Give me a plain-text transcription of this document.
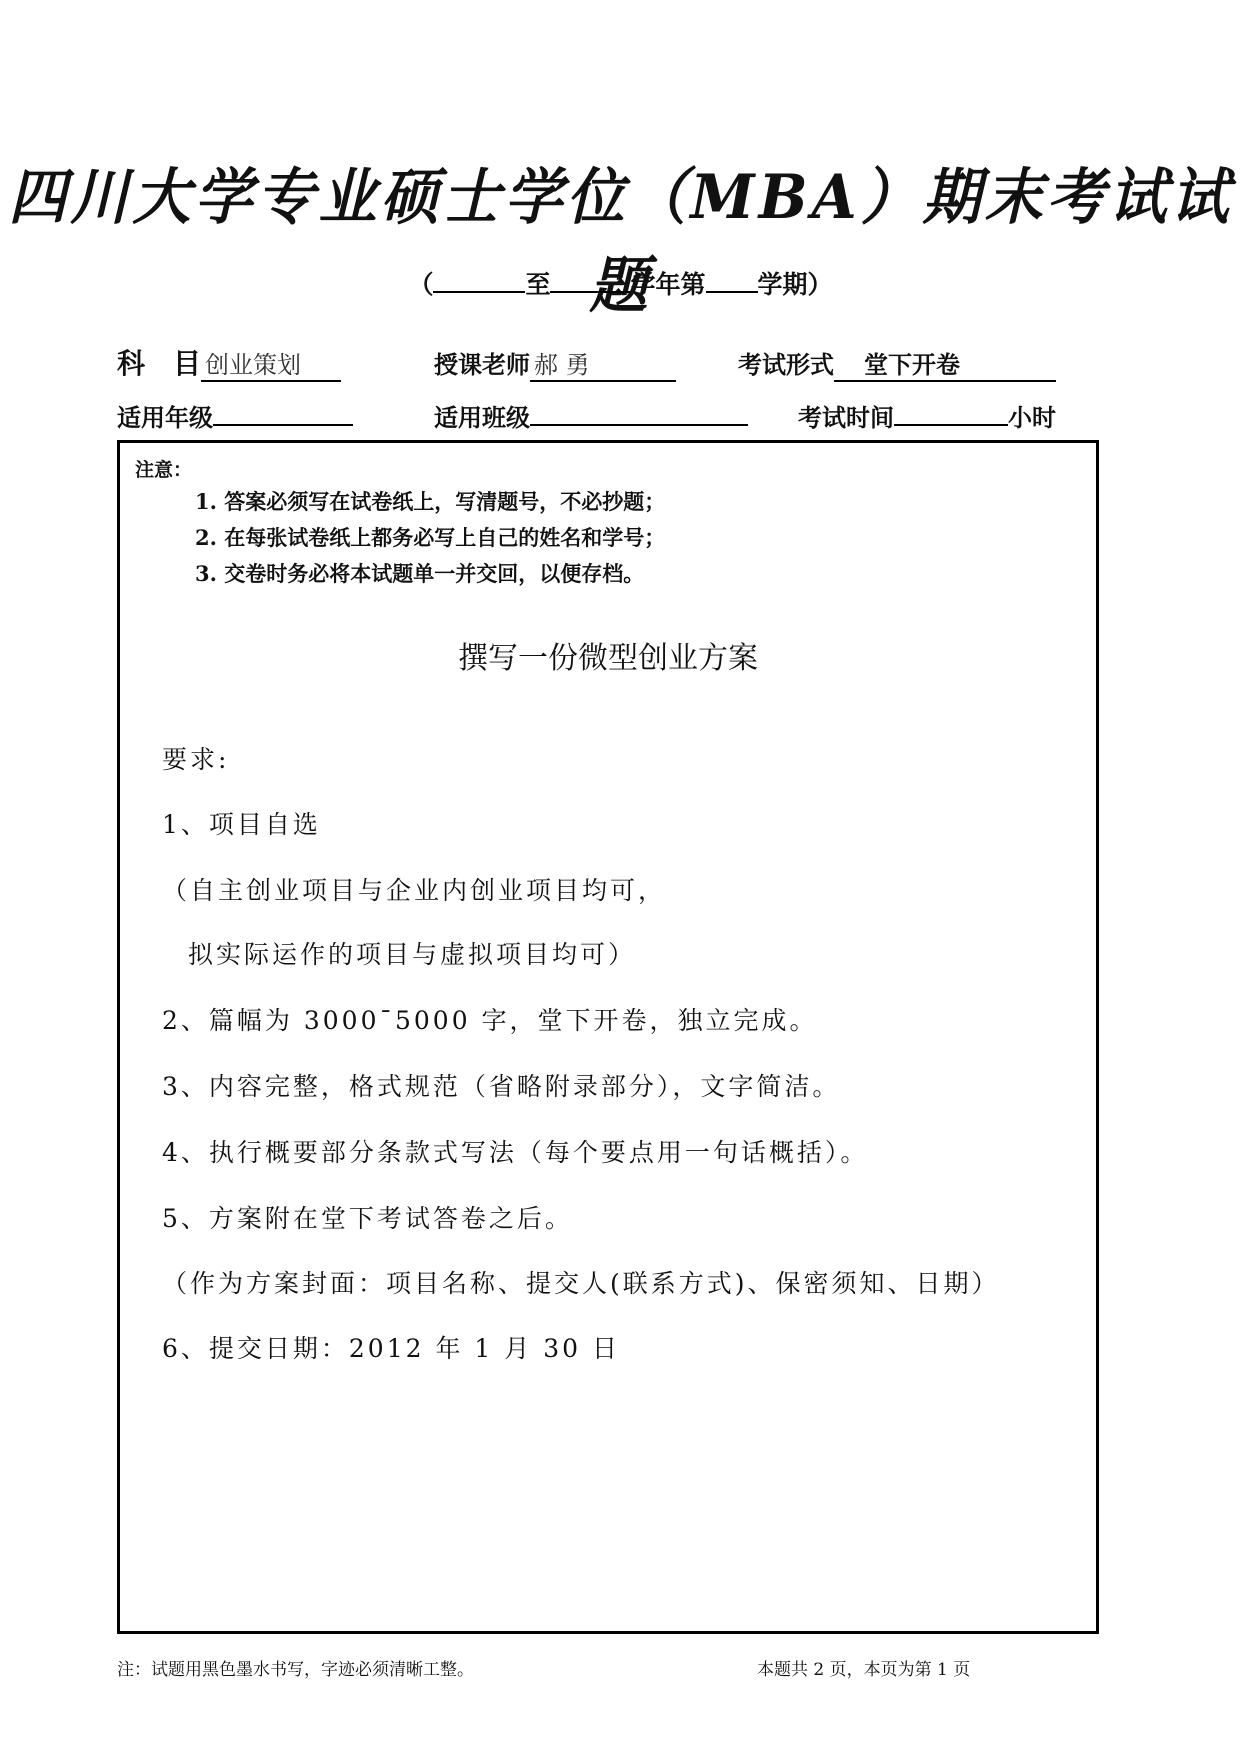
四川大学专业硕士学位（MBA）期末考试试题
（	至	学年第 学期）
科　目 创业策划	授课老师 郝 勇	考试形式 堂下开卷
适用年级	适用班级	考试时间	小时
注意：
1. 答案必须写在试卷纸上，写清题号，不必抄题；
2. 在每张试卷纸上都务必写上自己的姓名和学号；
3. 交卷时务必将本试题单一并交回，以便存档。
撰写一份微型创业方案
要求:
1、项目自选
（自主创业项目与企业内创业项目均可，
拟实际运作的项目与虚拟项目均可）
2、篇幅为 3000¯5000 字，堂下开卷，独立完成。
3、内容完整，格式规范（省略附录部分），文字简洁。
4、执行概要部分条款式写法（每个要点用一句话概括）。
5、方案附在堂下考试答卷之后。
（作为方案封面：项目名称、提交人(联系方式)、保密须知、日期）
6、提交日期：2012 年 1 月 30 日
注：试题用黑色墨水书写，字迹必须清晰工整。	本题共 2 页，本页为第 1 页
